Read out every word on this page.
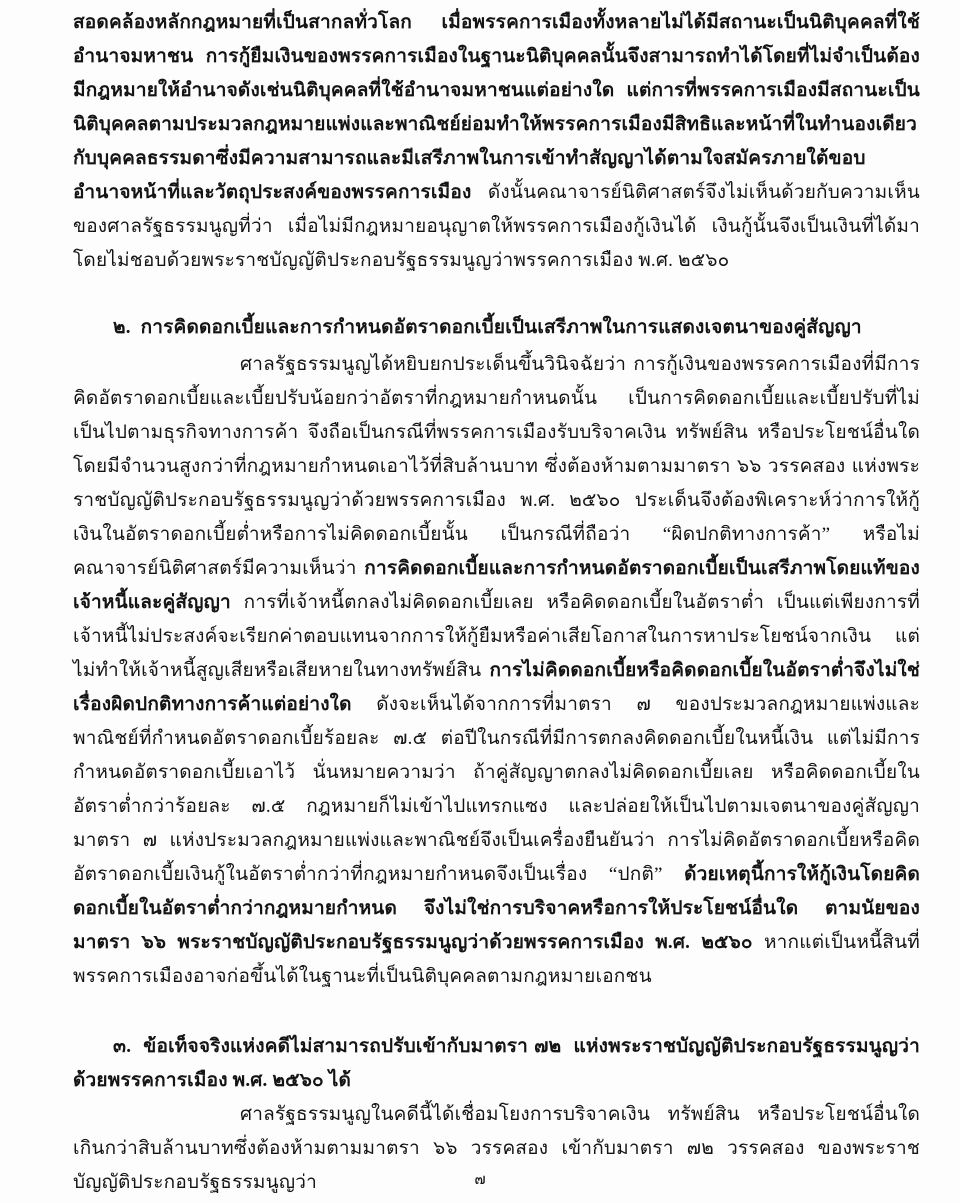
สอดคล้องหลักกฎหมายที่เป็นสากลทั่วโลก เมื่อพรรคการเมืองทั้งหลายไม่ได้มีสถานะเป็นนิติบุคคลที่ใช้อำนาจมหาชน การกู้ยืมเงินของพรรคการเมืองในฐานะนิติบุคคลนั้นจึงสามารถทำได้โดยที่ไม่จำเป็นต้องมีกฎหมายให้อำนาจดังเช่นนิติบุคคลที่ใช้อำนาจมหาชนแต่อย่างใด แต่การที่พรรคการเมืองมีสถานะเป็นนิติบุคคลตามประมวลกฎหมายแพ่งและพาณิชย์ย่อมทำให้พรรคการเมืองมีสิทธิและหน้าที่ในทำนองเดียวกับบุคคลธรรมดาซึ่งมีความสามารถและมีเสรีภาพในการเข้าทำสัญญาได้ตามใจสมัครภายใต้ขอบอำนาจหน้าที่และวัตถุประสงค์ของพรรคการเมือง  ดังนั้นคณาจารย์นิติศาสตร์จึงไม่เห็นด้วยกับความเห็นของศาลรัฐธรรมนูญที่ว่า เมื่อไม่มีกฎหมายอนุญาตให้พรรคการเมืองกู้เงินได้ เงินกู้นั้นจึงเป็นเงินที่ได้มาโดยไม่ชอบด้วยพระราชบัญญัติประกอบรัฐธรรมนูญว่าพรรคการเมือง พ.ศ. ๒๕๖๐

๒.  การคิดดอกเบี้ยและการกำหนดอัตราดอกเบี้ยเป็นเสรีภาพในการแสดงเจตนาของคู่สัญญา

ศาลรัฐธรรมนูญได้หยิบยกประเด็นขึ้นวินิจฉัยว่า การกู้เงินของพรรคการเมืองที่มีการคิดอัตราดอกเบี้ยและเบี้ยปรับน้อยกว่าอัตราที่กฎหมายกำหนดนั้น เป็นการคิดดอกเบี้ยและเบี้ยปรับที่ไม่เป็นไปตามธุรกิจทางการค้า จึงถือเป็นกรณีที่พรรคการเมืองรับบริจาคเงิน ทรัพย์สิน หรือประโยชน์อื่นใด โดยมีจำนวนสูงกว่าที่กฎหมายกำหนดเอาไว้ที่สิบล้านบาท ซึ่งต้องห้ามตามมาตรา ๖๖ วรรคสอง แห่งพระราชบัญญัติประกอบรัฐธรรมนูญว่าด้วยพรรคการเมือง พ.ศ. ๒๕๖๐ ประเด็นจึงต้องพิเคราะห์ว่าการให้กู้เงินในอัตราดอกเบี้ยต่ำหรือการไม่คิดดอกเบี้ยนั้น เป็นกรณีที่ถือว่า “ผิดปกติทางการค้า” หรือไม่ คณาจารย์นิติศาสตร์มีความเห็นว่า การคิดดอกเบี้ยและการกำหนดอัตราดอกเบี้ยเป็นเสรีภาพโดยแท้ของเจ้าหนี้และคู่สัญญา การที่เจ้าหนี้ตกลงไม่คิดดอกเบี้ยเลย หรือคิดดอกเบี้ยในอัตราต่ำ เป็นแต่เพียงการที่เจ้าหนี้ไม่ประสงค์จะเรียกค่าตอบแทนจากการให้กู้ยืมหรือค่าเสียโอกาสในการหาประโยชน์จากเงิน แต่ไม่ทำให้เจ้าหนี้สูญเสียหรือเสียหายในทางทรัพย์สิน การไม่คิดดอกเบี้ยหรือคิดดอกเบี้ยในอัตราต่ำจึงไม่ใช่เรื่องผิดปกติทางการค้าแต่อย่างใด ดังจะเห็นได้จากการที่มาตรา ๗ ของประมวลกฎหมายแพ่งและพาณิชย์ที่กำหนดอัตราดอกเบี้ยร้อยละ ๗.๕ ต่อปีในกรณีที่มีการตกลงคิดดอกเบี้ยในหนี้เงิน แต่ไม่มีการกำหนดอัตราดอกเบี้ยเอาไว้ นั่นหมายความว่า ถ้าคู่สัญญาตกลงไม่คิดดอกเบี้ยเลย หรือคิดดอกเบี้ยในอัตราต่ำกว่าร้อยละ ๗.๕ กฎหมายก็ไม่เข้าไปแทรกแซง และปล่อยให้เป็นไปตามเจตนาของคู่สัญญา มาตรา ๗ แห่งประมวลกฎหมายแพ่งและพาณิชย์จึงเป็นเครื่องยืนยันว่า การไม่คิดอัตราดอกเบี้ยหรือคิดอัตราดอกเบี้ยเงินกู้ในอัตราต่ำกว่าที่กฎหมายกำหนดจึงเป็นเรื่อง “ปกติ” ด้วยเหตุนี้การให้กู้เงินโดยคิดดอกเบี้ยในอัตราต่ำกว่ากฎหมายกำหนด จึงไม่ใช่การบริจาคหรือการให้ประโยชน์อื่นใด ตามนัยของมาตรา ๖๖ พระราชบัญญัติประกอบรัฐธรรมนูญว่าด้วยพรรคการเมือง พ.ศ. ๒๕๖๐ หากแต่เป็นหนี้สินที่พรรคการเมืองอาจก่อขึ้นได้ในฐานะที่เป็นนิติบุคคลตามกฎหมายเอกชน

๓.  ข้อเท็จจริงแห่งคดีไม่สามารถปรับเข้ากับมาตรา ๗๒  แห่งพระราชบัญญัติประกอบรัฐธรรมนูญว่าด้วยพรรคการเมือง พ.ศ. ๒๕๖๐ ได้

ศาลรัฐธรรมนูญในคดีนี้ได้เชื่อมโยงการบริจาคเงิน ทรัพย์สิน หรือประโยชน์อื่นใดเกินกว่าสิบล้านบาทซึ่งต้องห้ามตามมาตรา ๖๖ วรรคสอง เข้ากับมาตรา ๗๒ วรรคสอง ของพระราชบัญญัติประกอบรัฐธรรมนูญว่า	๗
